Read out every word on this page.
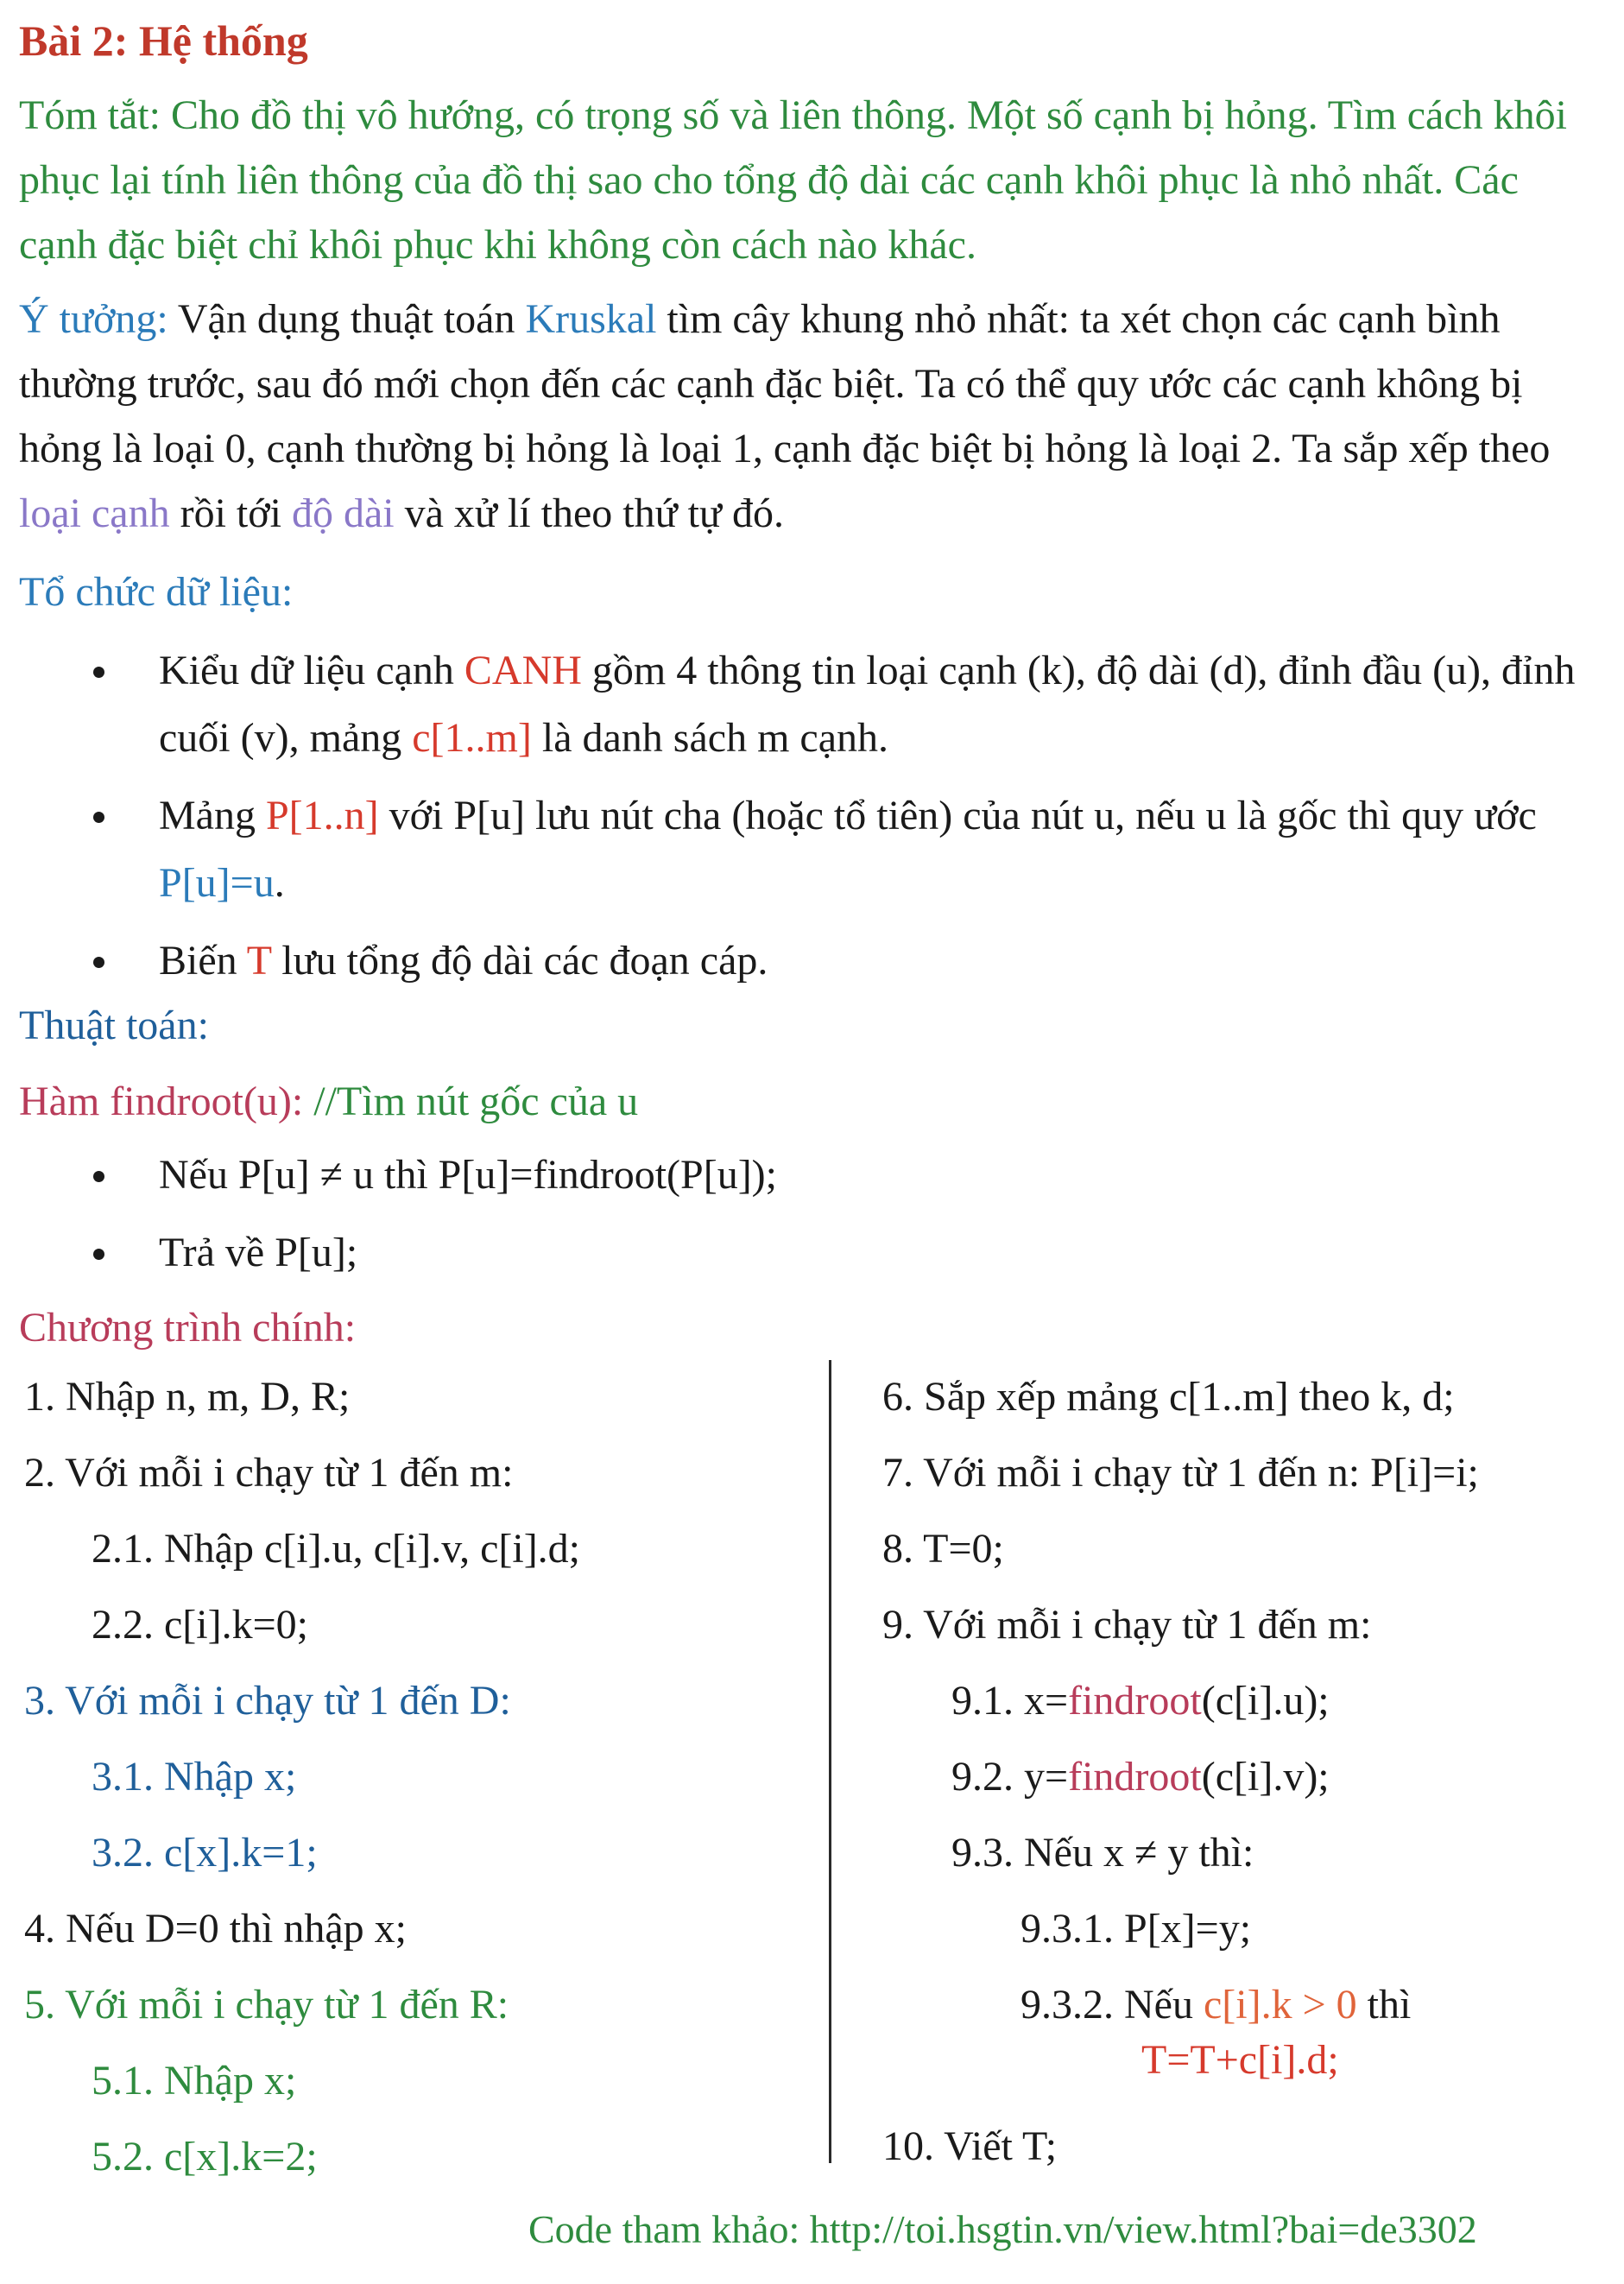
Bài 2: Hệ thống
Tóm tắt: Cho đồ thị vô hướng, có trọng số và liên thông. Một số cạnh bị hỏng. Tìm cách khôi phục lại tính liên thông của đồ thị sao cho tổng độ dài các cạnh khôi phục là nhỏ nhất. Các cạnh đặc biệt chỉ khôi phục khi không còn cách nào khác.
Ý tưởng: Vận dụng thuật toán Kruskal tìm cây khung nhỏ nhất: ta xét chọn các cạnh bình thường trước, sau đó mới chọn đến các cạnh đặc biệt. Ta có thể quy ước các cạnh không bị hỏng là loại 0, cạnh thường bị hỏng là loại 1, cạnh đặc biệt bị hỏng là loại 2. Ta sắp xếp theo loại cạnh rồi tới độ dài và xử lí theo thứ tự đó.
Tổ chức dữ liệu:
Kiểu dữ liệu cạnh CANH gồm 4 thông tin loại cạnh (k), độ dài (d), đỉnh đầu (u), đỉnh cuối (v), mảng c[1..m] là danh sách m cạnh.
Mảng P[1..n] với P[u] lưu nút cha (hoặc tổ tiên) của nút u, nếu u là gốc thì quy ước P[u]=u.
Biến T lưu tổng độ dài các đoạn cáp.
Thuật toán:
Hàm findroot(u): //Tìm nút gốc của u
Nếu P[u] ≠ u thì P[u]=findroot(P[u]);
Trả về P[u];
Chương trình chính:
1. Nhập n, m, D, R;
2. Với mỗi i chạy từ 1 đến m:
2.1. Nhập c[i].u, c[i].v, c[i].d;
2.2. c[i].k=0;
3. Với mỗi i chạy từ 1 đến D:
3.1. Nhập x;
3.2. c[x].k=1;
4. Nếu D=0 thì nhập x;
5. Với mỗi i chạy từ 1 đến R:
5.1. Nhập x;
5.2. c[x].k=2;
6. Sắp xếp mảng c[1..m] theo k, d;
7. Với mỗi i chạy từ 1 đến n: P[i]=i;
8. T=0;
9. Với mỗi i chạy từ 1 đến m:
9.1. x=findroot(c[i].u);
9.2. y=findroot(c[i].v);
9.3. Nếu x ≠ y thì:
9.3.1. P[x]=y;
9.3.2. Nếu c[i].k > 0 thì
T=T+c[i].d;
10. Viết T;
Code tham khảo: http://toi.hsgtin.vn/view.html?bai=de3302
